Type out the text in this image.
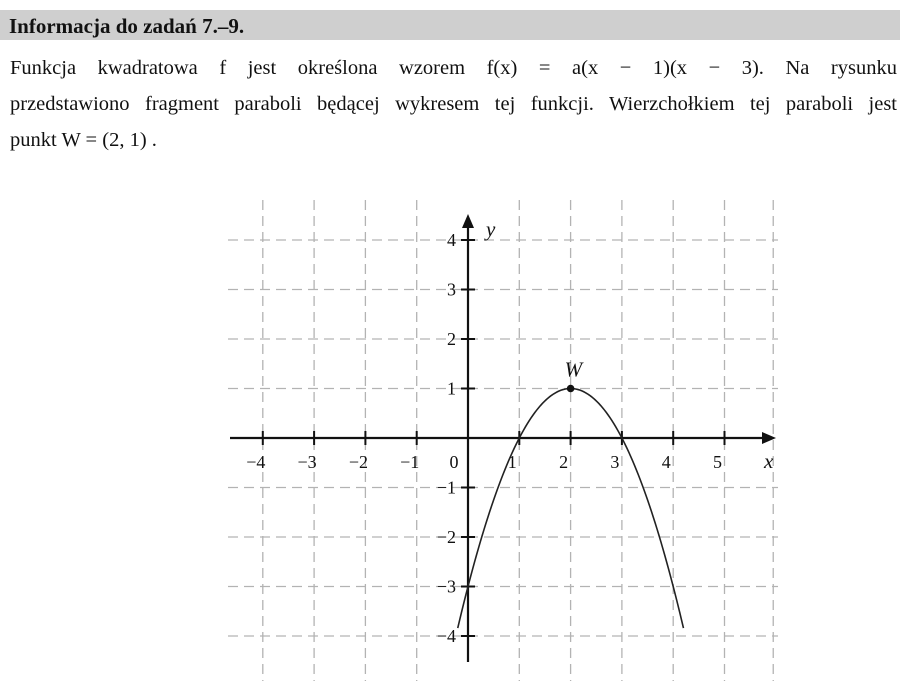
Informacja do zadań 7.–9.
Funkcja kwadratowa f jest określona wzorem f(x) = a(x − 1)(x − 3). Na rysunku
przedstawiono fragment paraboli będącej wykresem tej funkcji. Wierzchołkiem tej paraboli jest
punkt W = (2, 1) .
−4 −3 −2 −1 0	1 2 3 4 5
4
3
2
1
−1
−2
−3
−4
x
y
W
